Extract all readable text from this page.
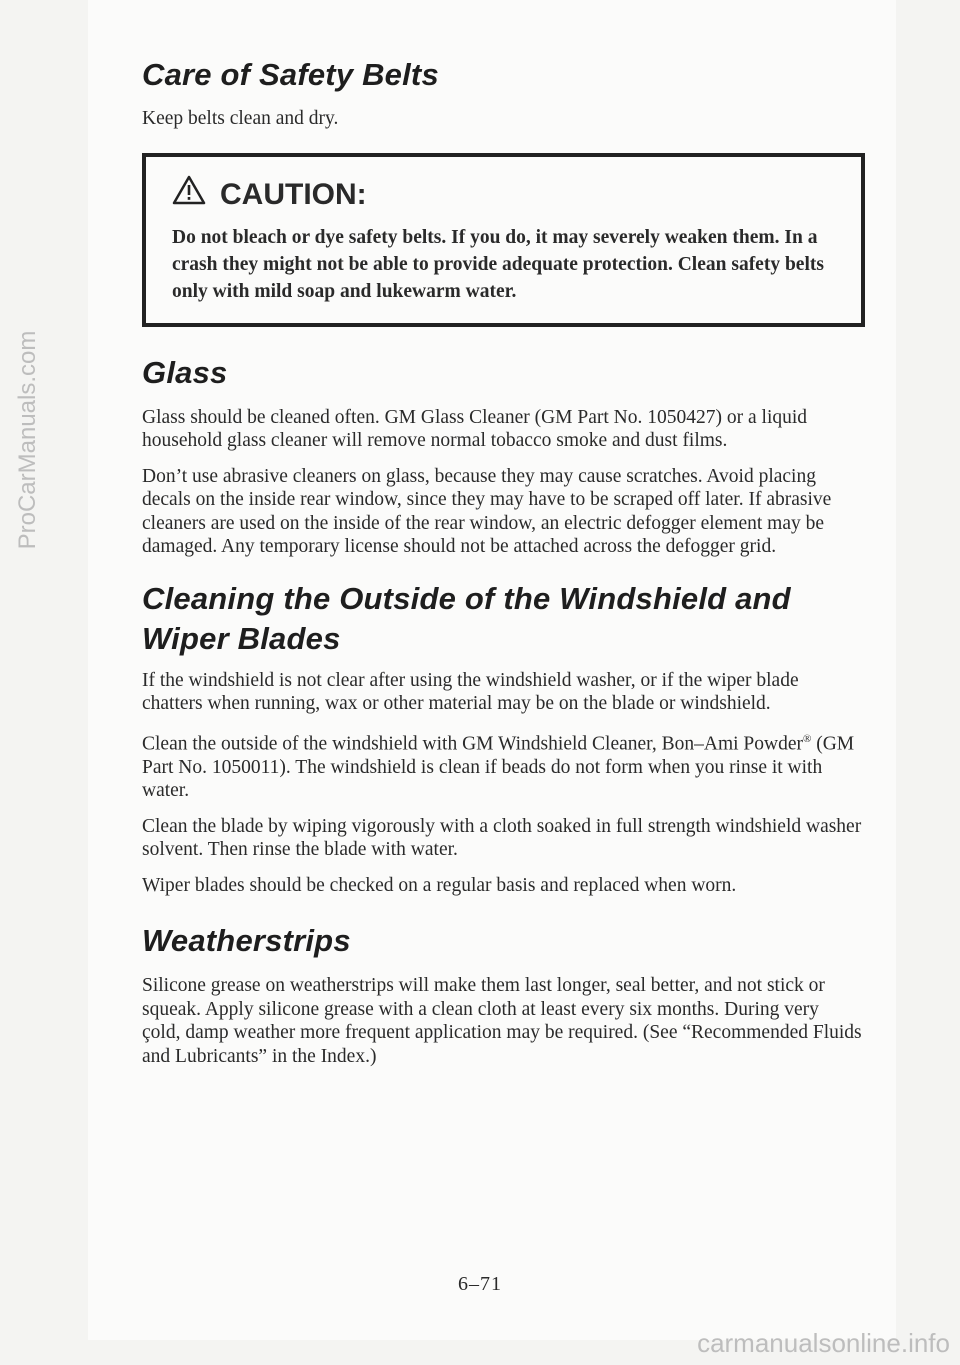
ProCarManuals.com
Care of Safety Belts

Keep belts clean and dry.

CAUTION:
Do not bleach or dye safety belts. If you do, it may severely weaken them. In a crash they might not be able to provide adequate protection. Clean safety belts only with mild soap and lukewarm water.
Glass

Glass should be cleaned often. GM Glass Cleaner (GM Part No. 1050427) or a liquid household glass cleaner will remove normal tobacco smoke and dust films.

Don’t use abrasive cleaners on glass, because they may cause scratches. Avoid placing decals on the inside rear window, since they may have to be scraped off later. If abrasive cleaners are used on the inside of the rear window, an electric defogger element may be damaged. Any temporary license should not be attached across the defogger grid.

Cleaning the Outside of the Windshield and Wiper Blades

If the windshield is not clear after using the windshield washer, or if the wiper blade chatters when running, wax or other material may be on the blade or windshield.

Clean the outside of the windshield with GM Windshield Cleaner, Bon–Ami Powder® (GM Part No. 1050011). The windshield is clean if beads do not form when you rinse it with water.

Clean the blade by wiping vigorously with a cloth soaked in full strength windshield washer solvent. Then rinse the blade with water.

Wiper blades should be checked on a regular basis and replaced when worn.

Weatherstrips

Silicone grease on weatherstrips will make them last longer, seal better, and not stick or squeak. Apply silicone grease with a clean cloth at least every six months. During very çold, damp weather more frequent application may be required. (See “Recommended Fluids and Lubricants” in the Index.)

6–71
carmanualsonline.info
